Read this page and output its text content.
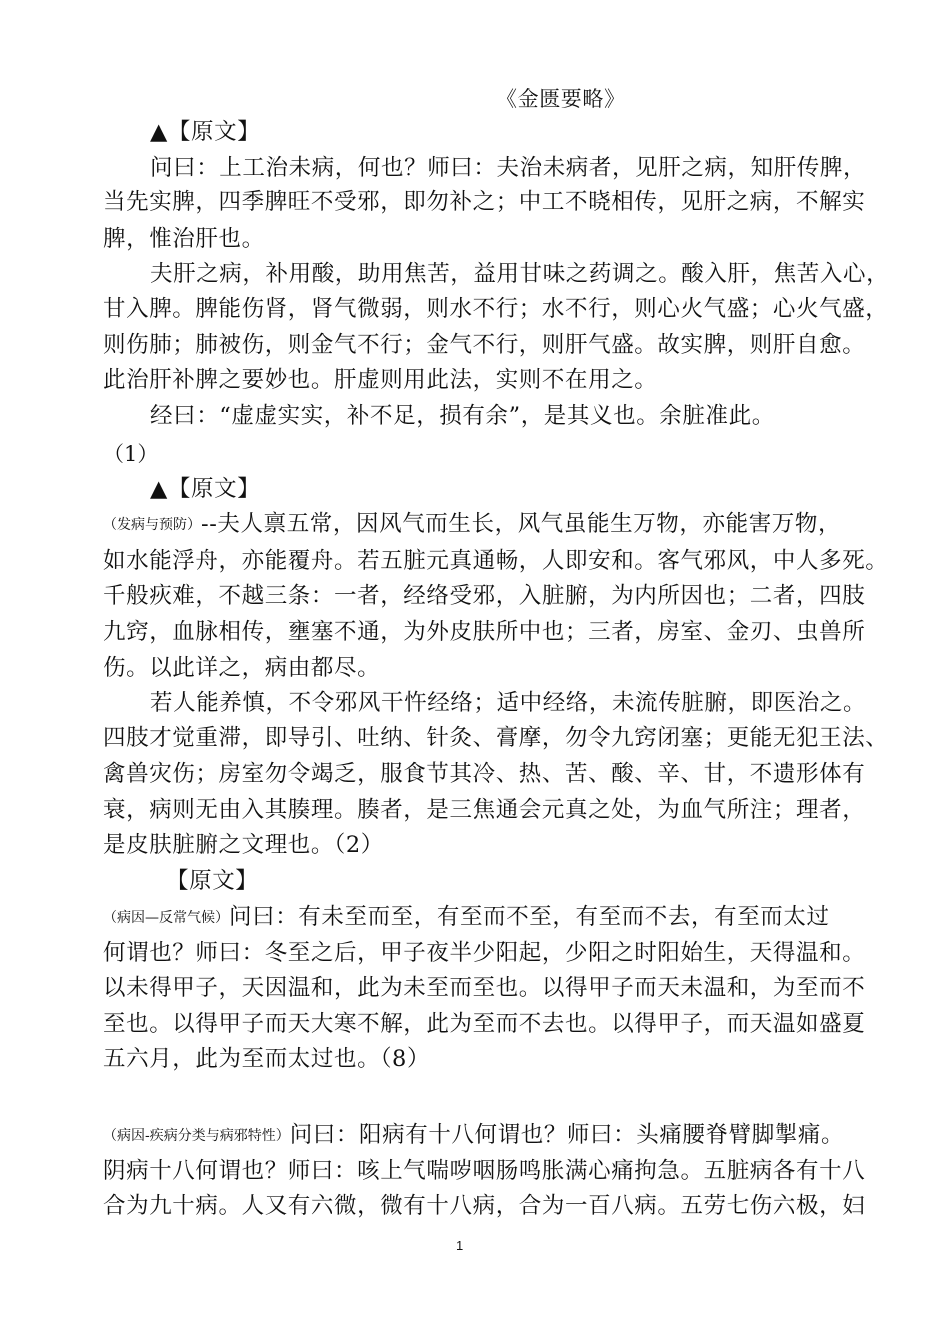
《金匮要略》
▲【原文】
问曰：上工治未病，何也？师曰：夫治未病者，见肝之病，知肝传脾，
当先实脾，四季脾旺不受邪，即勿补之；中工不晓相传，见肝之病，不解实
脾，惟治肝也。
夫肝之病，补用酸，助用焦苦，益用甘味之药调之。酸入肝，焦苦入心，
甘入脾。脾能伤肾，肾气微弱，则水不行；水不行，则心火气盛；心火气盛，
则伤肺；肺被伤，则金气不行；金气不行，则肝气盛。故实脾，则肝自愈。
此治肝补脾之要妙也。肝虚则用此法，实则不在用之。
经曰：“虚虚实实，补不足，损有余”，是其义也。余脏准此。
（1）
▲【原文】
（发病与预防）--夫人禀五常，因风气而生长，风气虽能生万物，亦能害万物，
如水能浮舟，亦能覆舟。若五脏元真通畅，人即安和。客气邪风，中人多死。
千般疢难，不越三条：一者，经络受邪，入脏腑，为内所因也；二者，四肢
九窍，血脉相传，壅塞不通，为外皮肤所中也；三者，房室、金刃、虫兽所
伤。以此详之，病由都尽。
若人能养慎，不令邪风干忤经络；适中经络，未流传脏腑，即医治之。
四肢才觉重滞，即导引、吐纳、针灸、膏摩，勿令九窍闭塞；更能无犯王法、
禽兽灾伤；房室勿令竭乏，服食节其冷、热、苦、酸、辛、甘，不遗形体有
衰，病则无由入其腠理。腠者，是三焦通会元真之处，为血气所注；理者，
是皮肤脏腑之文理也。（2）
【原文】
（病因—反常气候）问曰：有未至而至，有至而不至，有至而不去，有至而太过
何谓也？师曰：冬至之后，甲子夜半少阳起，少阳之时阳始生，天得温和。
以未得甲子，天因温和，此为未至而至也。以得甲子而天未温和，为至而不
至也。以得甲子而天大寒不解，此为至而不去也。以得甲子，而天温如盛夏
五六月，此为至而太过也。（8）
（病因-疾病分类与病邪特性）问曰：阳病有十八何谓也？师曰：头痛腰脊臂脚掣痛。
阴病十八何谓也？师曰：咳上气喘哕咽肠鸣胀满心痛拘急。五脏病各有十八
合为九十病。人又有六微，微有十八病，合为一百八病。五劳七伤六极，妇
1
